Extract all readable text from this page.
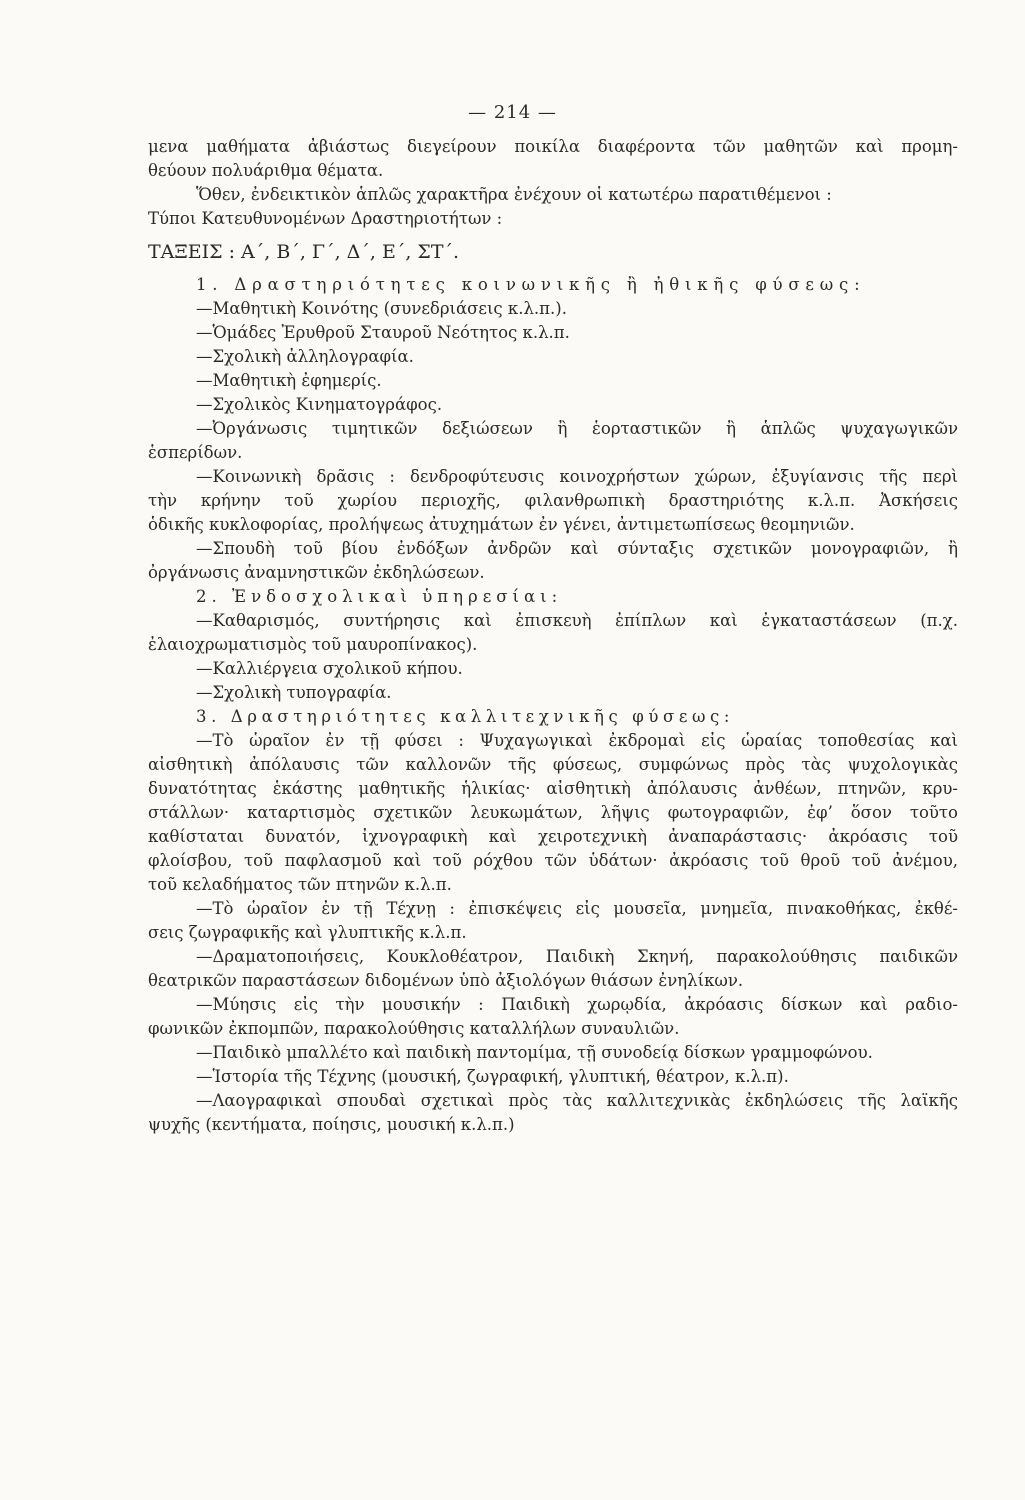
— 214 —
μενα μαθήματα ἀβιάστως διεγείρουν ποικίλα διαφέροντα τῶν μαθητῶν καὶ προμη-
θεύουν πολυάριθμα θέματα.
Ὅθεν, ἐνδεικτικὸν ἁπλῶς χαρακτῆρα ἐνέχουν οἱ κατωτέρω παρατιθέμενοι :
Τύποι Κατευθυνομένων Δραστηριοτήτων :
ΤΑΞΕΙΣ : Α΄, Β΄, Γ΄, Δ΄, Ε΄, ΣΤ΄.
1. Δραστηριότητες κοινωνικῆς ἢ ἠθικῆς φύσεως:
—Μαθητικὴ Κοινότης (συνεδριάσεις κ.λ.π.).
—Ὁμάδες Ἐρυθροῦ Σταυροῦ Νεότητος κ.λ.π.
—Σχολικὴ ἀλληλογραφία.
—Μαθητικὴ ἐφημερίς.
—Σχολικὸς Κινηματογράφος.
—Ὀργάνωσις τιμητικῶν δεξιώσεων ἢ ἑορταστικῶν ἢ ἁπλῶς ψυχαγωγικῶν
ἑσπερίδων.
—Κοινωνικὴ δρᾶσις : δενδροφύτευσις κοινοχρήστων χώρων, ἐξυγίανσις τῆς περὶ
τὴν κρήνην τοῦ χωρίου περιοχῆς, φιλανθρωπικὴ δραστηριότης κ.λ.π. Ἀσκήσεις
ὁδικῆς κυκλοφορίας, προλήψεως ἀτυχημάτων ἐν γένει, ἀντιμετωπίσεως θεομηνιῶν.
—Σπουδὴ τοῦ βίου ἐνδόξων ἀνδρῶν καὶ σύνταξις σχετικῶν μονογραφιῶν, ἢ
ὀργάνωσις ἀναμνηστικῶν ἐκδηλώσεων.
2. Ἐνδοσχολικαὶ ὑπηρεσίαι:
—Καθαρισμός, συντήρησις καὶ ἐπισκευὴ ἐπίπλων καὶ ἐγκαταστάσεων (π.χ.
ἐλαιοχρωματισμὸς τοῦ μαυροπίνακος).
—Καλλιέργεια σχολικοῦ κήπου.
—Σχολικὴ τυπογραφία.
3. Δραστηριότητες καλλιτεχνικῆς φύσεως:
—Τὸ ὡραῖον ἐν τῇ φύσει : Ψυχαγωγικαὶ ἐκδρομαὶ εἰς ὡραίας τοποθεσίας καὶ
αἰσθητικὴ ἀπόλαυσις τῶν καλλονῶν τῆς φύσεως, συμφώνως πρὸς τὰς ψυχολογικὰς
δυνατότητας ἑκάστης μαθητικῆς ἡλικίας· αἰσθητικὴ ἀπόλαυσις ἀνθέων, πτηνῶν, κρυ-
στάλλων· καταρτισμὸς σχετικῶν λευκωμάτων, λῆψις φωτογραφιῶν, ἐφ’ ὅσον τοῦτο
καθίσταται δυνατόν, ἰχνογραφικὴ καὶ χειροτεχνικὴ ἀναπαράστασις· ἀκρόασις τοῦ
φλοίσβου, τοῦ παφλασμοῦ καὶ τοῦ ρόχθου τῶν ὑδάτων· ἀκρόασις τοῦ θρoῦ τοῦ ἀνέμου,
τοῦ κελαδήματος τῶν πτηνῶν κ.λ.π.
—Τὸ ὡραῖον ἐν τῇ Τέχνῃ : ἐπισκέψεις εἰς μουσεῖα, μνημεῖα, πινακοθήκας, ἐκθέ-
σεις ζωγραφικῆς καὶ γλυπτικῆς κ.λ.π.
—Δραματοποιήσεις, Κουκλοθέατρον, Παιδικὴ Σκηνή, παρακολούθησις παιδικῶν
θεατρικῶν παραστάσεων διδομένων ὑπὸ ἀξιολόγων θιάσων ἐνηλίκων.
—Μύησις εἰς τὴν μουσικήν : Παιδικὴ χωρῳδία, ἀκρόασις δίσκων καὶ ραδιο-
φωνικῶν ἐκπομπῶν, παρακολούθησις καταλλήλων συναυλιῶν.
—Παιδικὸ μπαλλέτο καὶ παιδικὴ παντομίμα, τῇ συνοδείᾳ δίσκων γραμμοφώνου.
—Ἱστορία τῆς Τέχνης (μουσική, ζωγραφική, γλυπτική, θέατρον, κ.λ.π).
—Λαογραφικαὶ σπουδαὶ σχετικαὶ πρὸς τὰς καλλιτεχνικὰς ἐκδηλώσεις τῆς λαϊκῆς
ψυχῆς (κεντήματα, ποίησις, μουσική κ.λ.π.)
